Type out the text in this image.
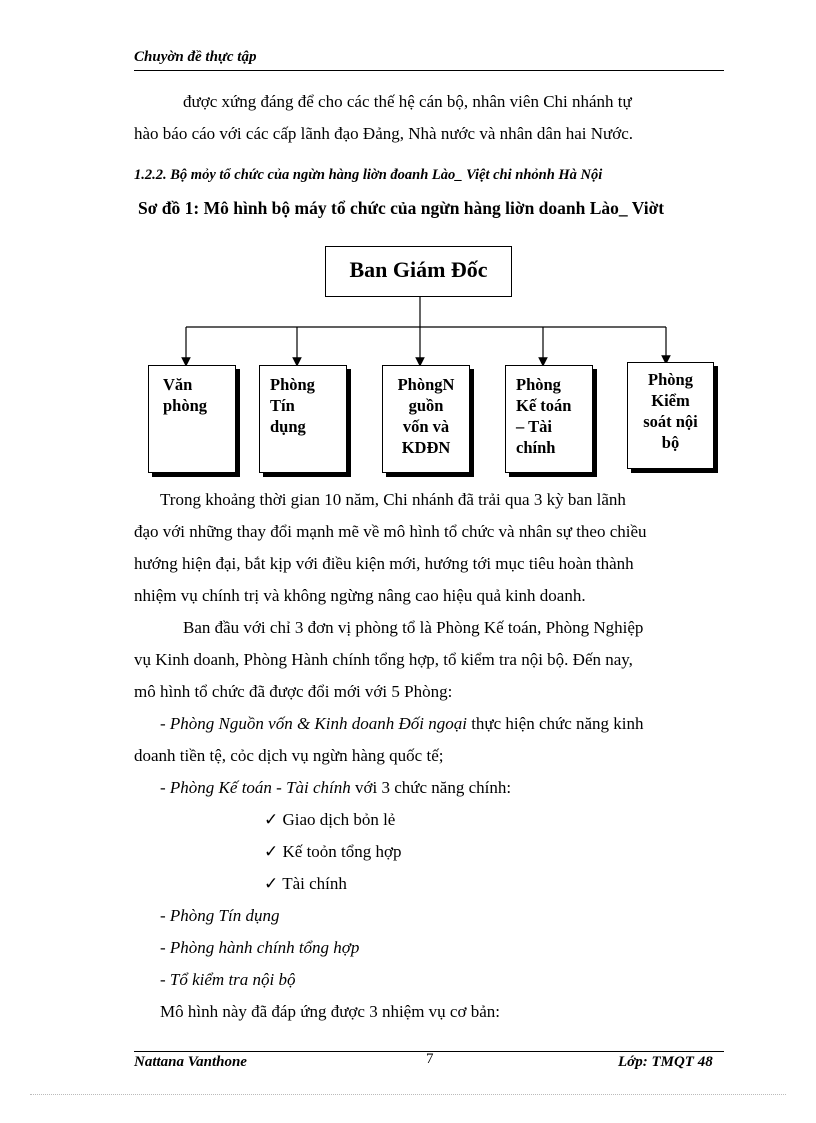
Chuyờn đề thực tập
được xứng đáng để cho các thế hệ cán bộ, nhân viên Chi nhánh tự
hào báo cáo với các cấp lãnh đạo Đảng, Nhà nước và nhân dân hai Nước.
1.2.2. Bộ mỏy tổ chức của ngừn hàng liờn đoanh Lào_ Việt chi nhỏnh Hà Nội
Sơ đồ 1: Mô hình bộ máy tổ chức của ngừn hàng liờn doanh Lào_ Viờt
Ban Giám Đốc
Văn
phòng
Phòng
Tín
dụng
PhòngN
guồn
vốn và
KDĐN
Phòng
Kế toán
– Tài
chính
Phòng
Kiểm
soát nội
bộ
Trong khoảng thời gian 10 năm, Chi nhánh đã trải qua 3 kỳ ban lãnh
đạo với những thay đổi mạnh mẽ về mô hình tổ chức và nhân sự theo chiều
hướng hiện đại, bắt kịp với điều kiện mới, hướng tới mục tiêu hoàn thành
nhiệm vụ chính trị và không ngừng nâng cao hiệu quả kinh doanh.
Ban đầu với chỉ 3 đơn vị phòng tổ là Phòng Kế toán, Phòng Nghiệp
vụ Kinh doanh, Phòng Hành chính tổng hợp, tổ kiểm tra nội bộ. Đến nay,
mô hình tổ chức đã được đổi mới với 5 Phòng:
- Phòng Nguồn vốn & Kinh doanh Đối ngoại thực hiện chức năng kinh
doanh tiền tệ, cỏc dịch vụ ngừn hàng quốc tế;
- Phòng Kế toán - Tài chính với 3 chức năng chính:
✓ Giao dịch bỏn lẻ
✓ Kế toỏn tổng hợp
✓ Tài chính
- Phòng Tín dụng
- Phòng hành chính tổng hợp
- Tổ kiểm tra nội bộ
Mô hình này đã đáp ứng được 3 nhiệm vụ cơ bản:
Nattana Vanthone	7	Lớp: TMQT 48
